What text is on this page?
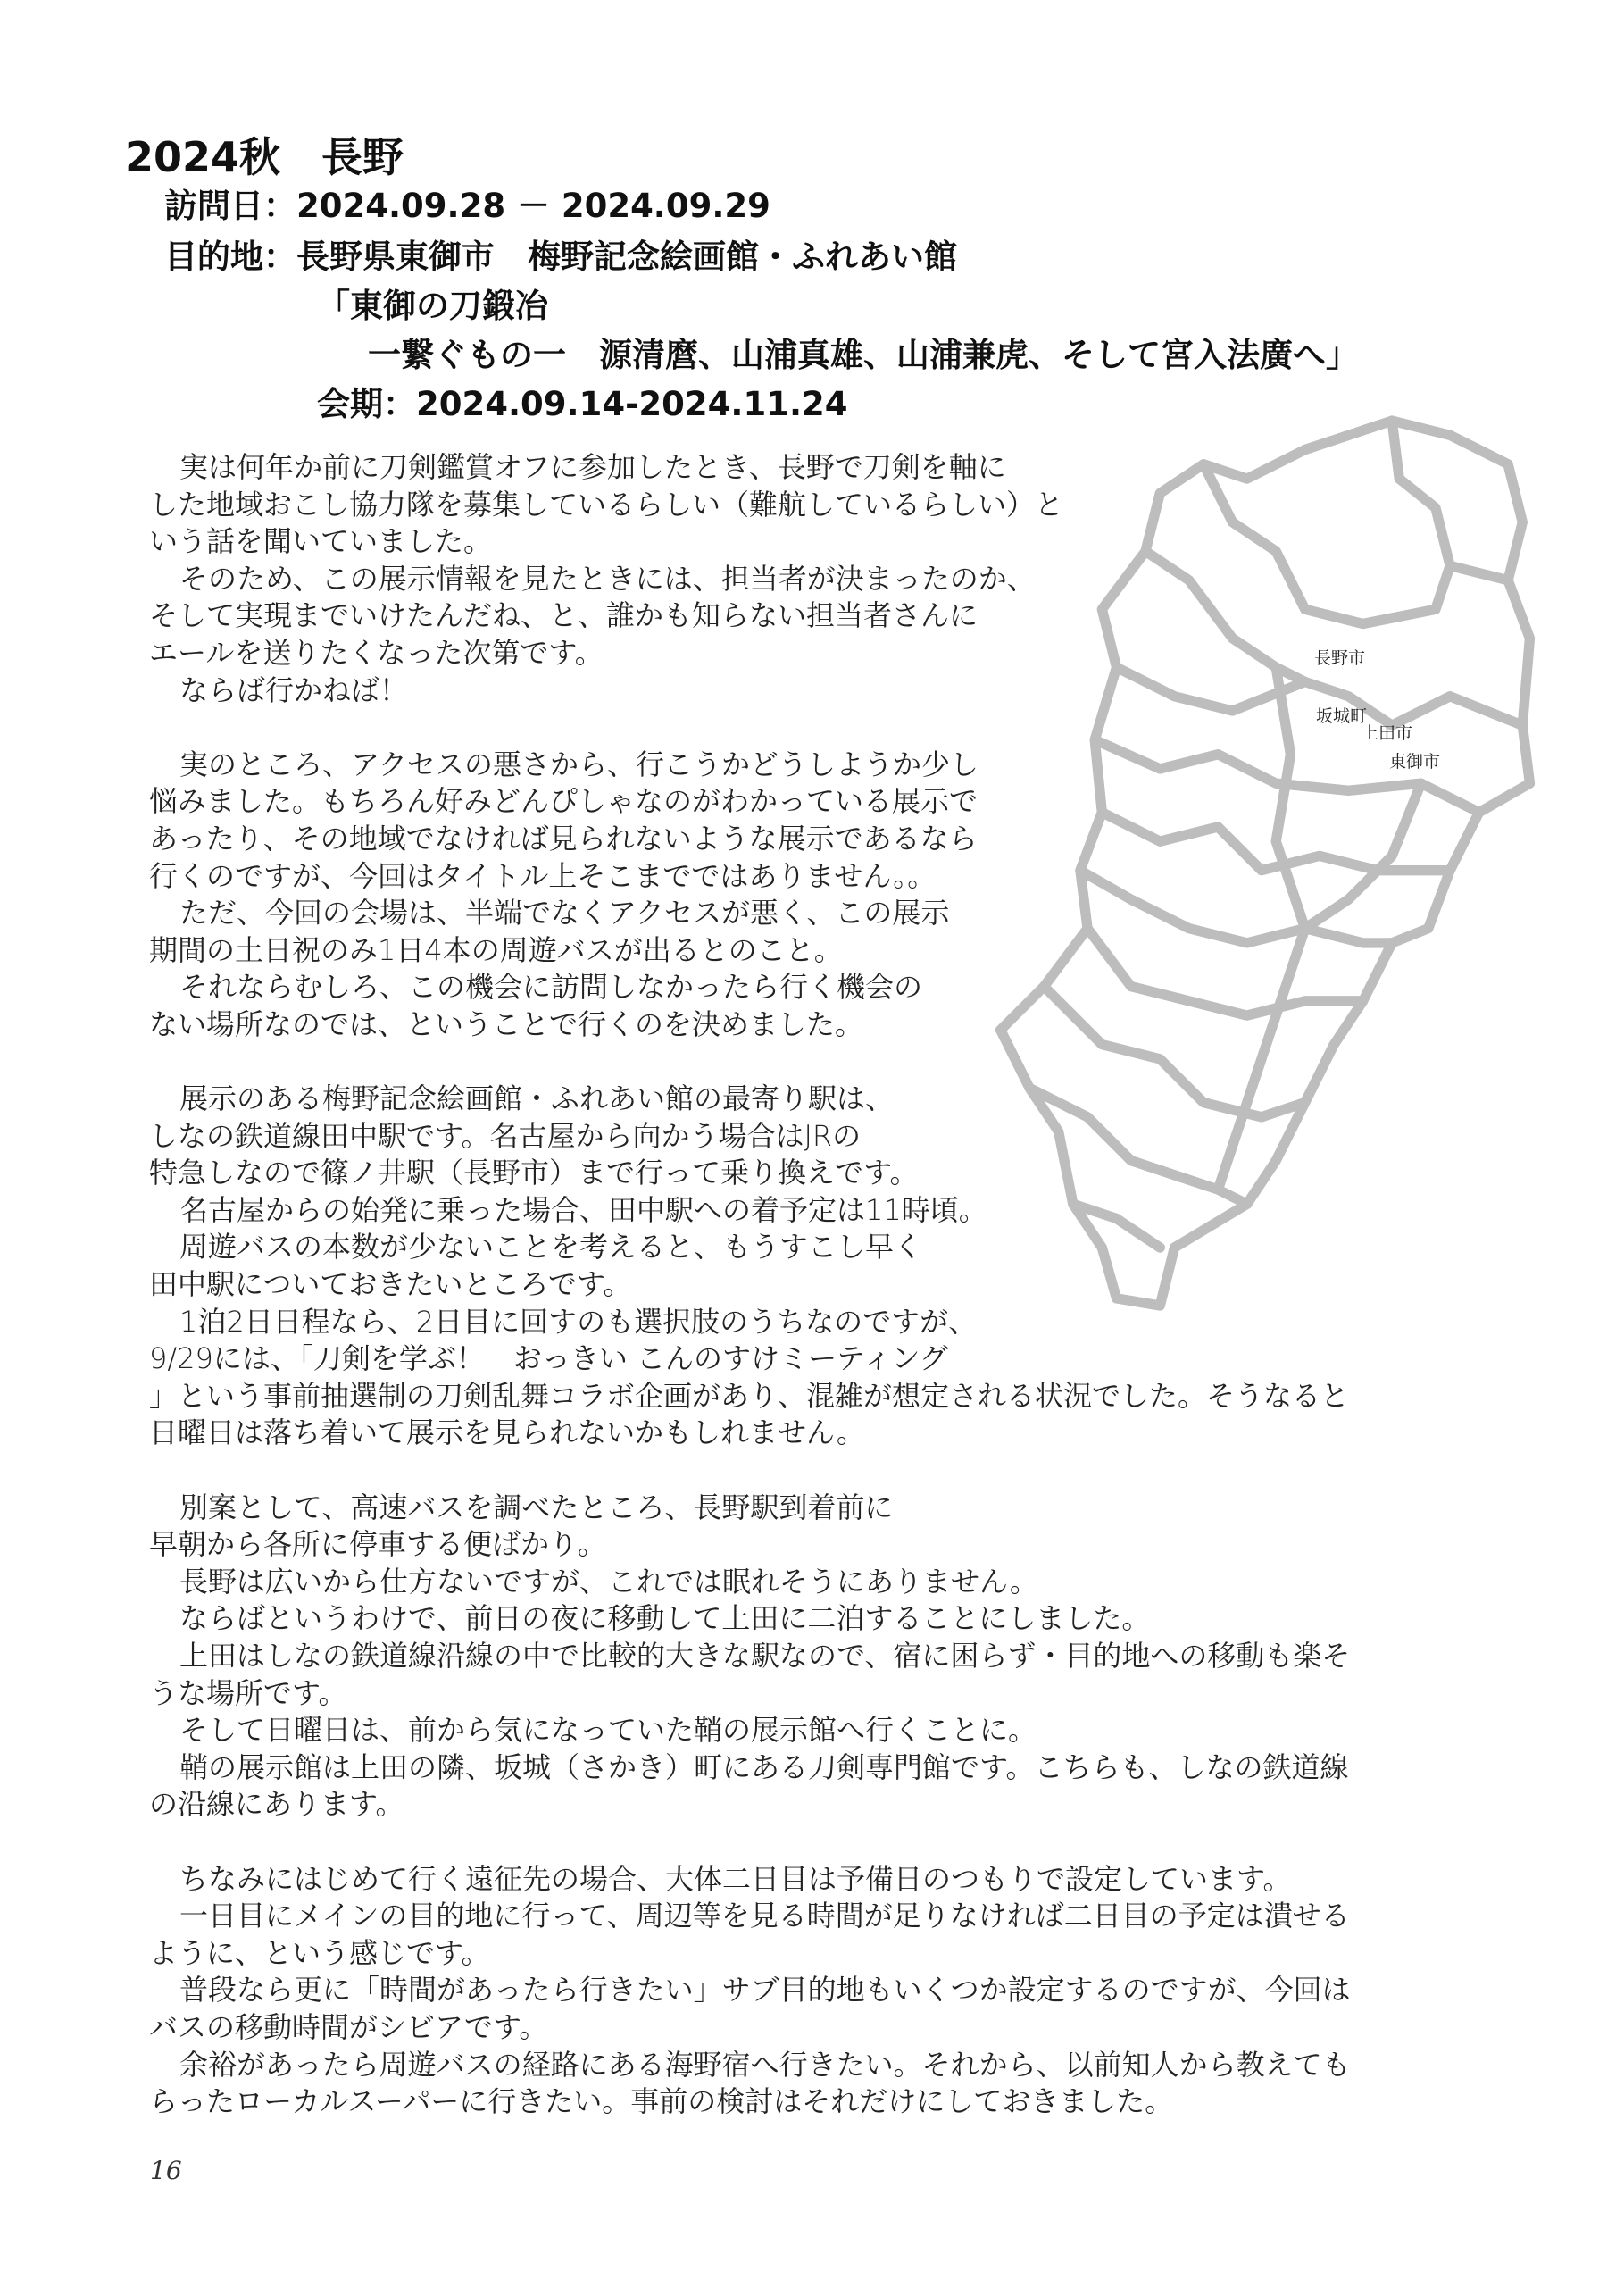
長野市
坂城町
上田市
東御市
2024秋　長野
訪問日：2024.09.28 － 2024.09.29
目的地：長野県東御市　梅野記念絵画館・ふれあい館
「東御の刀鍛冶
一繋ぐもの一　源清麿、山浦真雄、山浦兼虎、そして宮入法廣へ」
会期：2024.09.14-2024.11.24
実は何年か前に刀剣鑑賞オフに参加したとき、長野で刀剣を軸に
した地域おこし協力隊を募集しているらしい（難航しているらしい）と
いう話を聞いていました。
そのため、この展示情報を見たときには、担当者が決まったのか、
そして実現までいけたんだね、と、誰かも知らない担当者さんに
エールを送りたくなった次第です。
ならば行かねば！
実のところ、アクセスの悪さから、行こうかどうしようか少し
悩みました。もちろん好みどんぴしゃなのがわかっている展示で
あったり、その地域でなければ見られないような展示であるなら
行くのですが、今回はタイトル上そこまでではありません。。
ただ、今回の会場は、半端でなくアクセスが悪く、この展示
期間の土日祝のみ1日4本の周遊バスが出るとのこと。
それならむしろ、この機会に訪問しなかったら行く機会の
ない場所なのでは、ということで行くのを決めました。
展示のある梅野記念絵画館・ふれあい館の最寄り駅は、
しなの鉄道線田中駅です。名古屋から向かう場合はJRの
特急しなので篠ノ井駅（長野市）まで行って乗り換えです。
名古屋からの始発に乗った場合、田中駅への着予定は11時頃。
周遊バスの本数が少ないことを考えると、もうすこし早く
田中駅についておきたいところです。
1泊2日日程なら、2日目に回すのも選択肢のうちなのですが、
9/29には、「刀剣を学ぶ！　おっきい こんのすけミーティング
」という事前抽選制の刀剣乱舞コラボ企画があり、混雑が想定される状況でした。そうなると
日曜日は落ち着いて展示を見られないかもしれません。
別案として、高速バスを調べたところ、長野駅到着前に
早朝から各所に停車する便ばかり。
長野は広いから仕方ないですが、これでは眠れそうにありません。
ならばというわけで、前日の夜に移動して上田に二泊することにしました。
上田はしなの鉄道線沿線の中で比較的大きな駅なので、宿に困らず・目的地への移動も楽そ
うな場所です。
そして日曜日は、前から気になっていた鞘の展示館へ行くことに。
鞘の展示館は上田の隣、坂城（さかき）町にある刀剣専門館です。こちらも、しなの鉄道線
の沿線にあります。
ちなみにはじめて行く遠征先の場合、大体二日目は予備日のつもりで設定しています。
一日目にメインの目的地に行って、周辺等を見る時間が足りなければ二日目の予定は潰せる
ように、という感じです。
普段なら更に「時間があったら行きたい」サブ目的地もいくつか設定するのですが、今回は
バスの移動時間がシビアです。
余裕があったら周遊バスの経路にある海野宿へ行きたい。それから、以前知人から教えても
らったローカルスーパーに行きたい。事前の検討はそれだけにしておきました。
16
